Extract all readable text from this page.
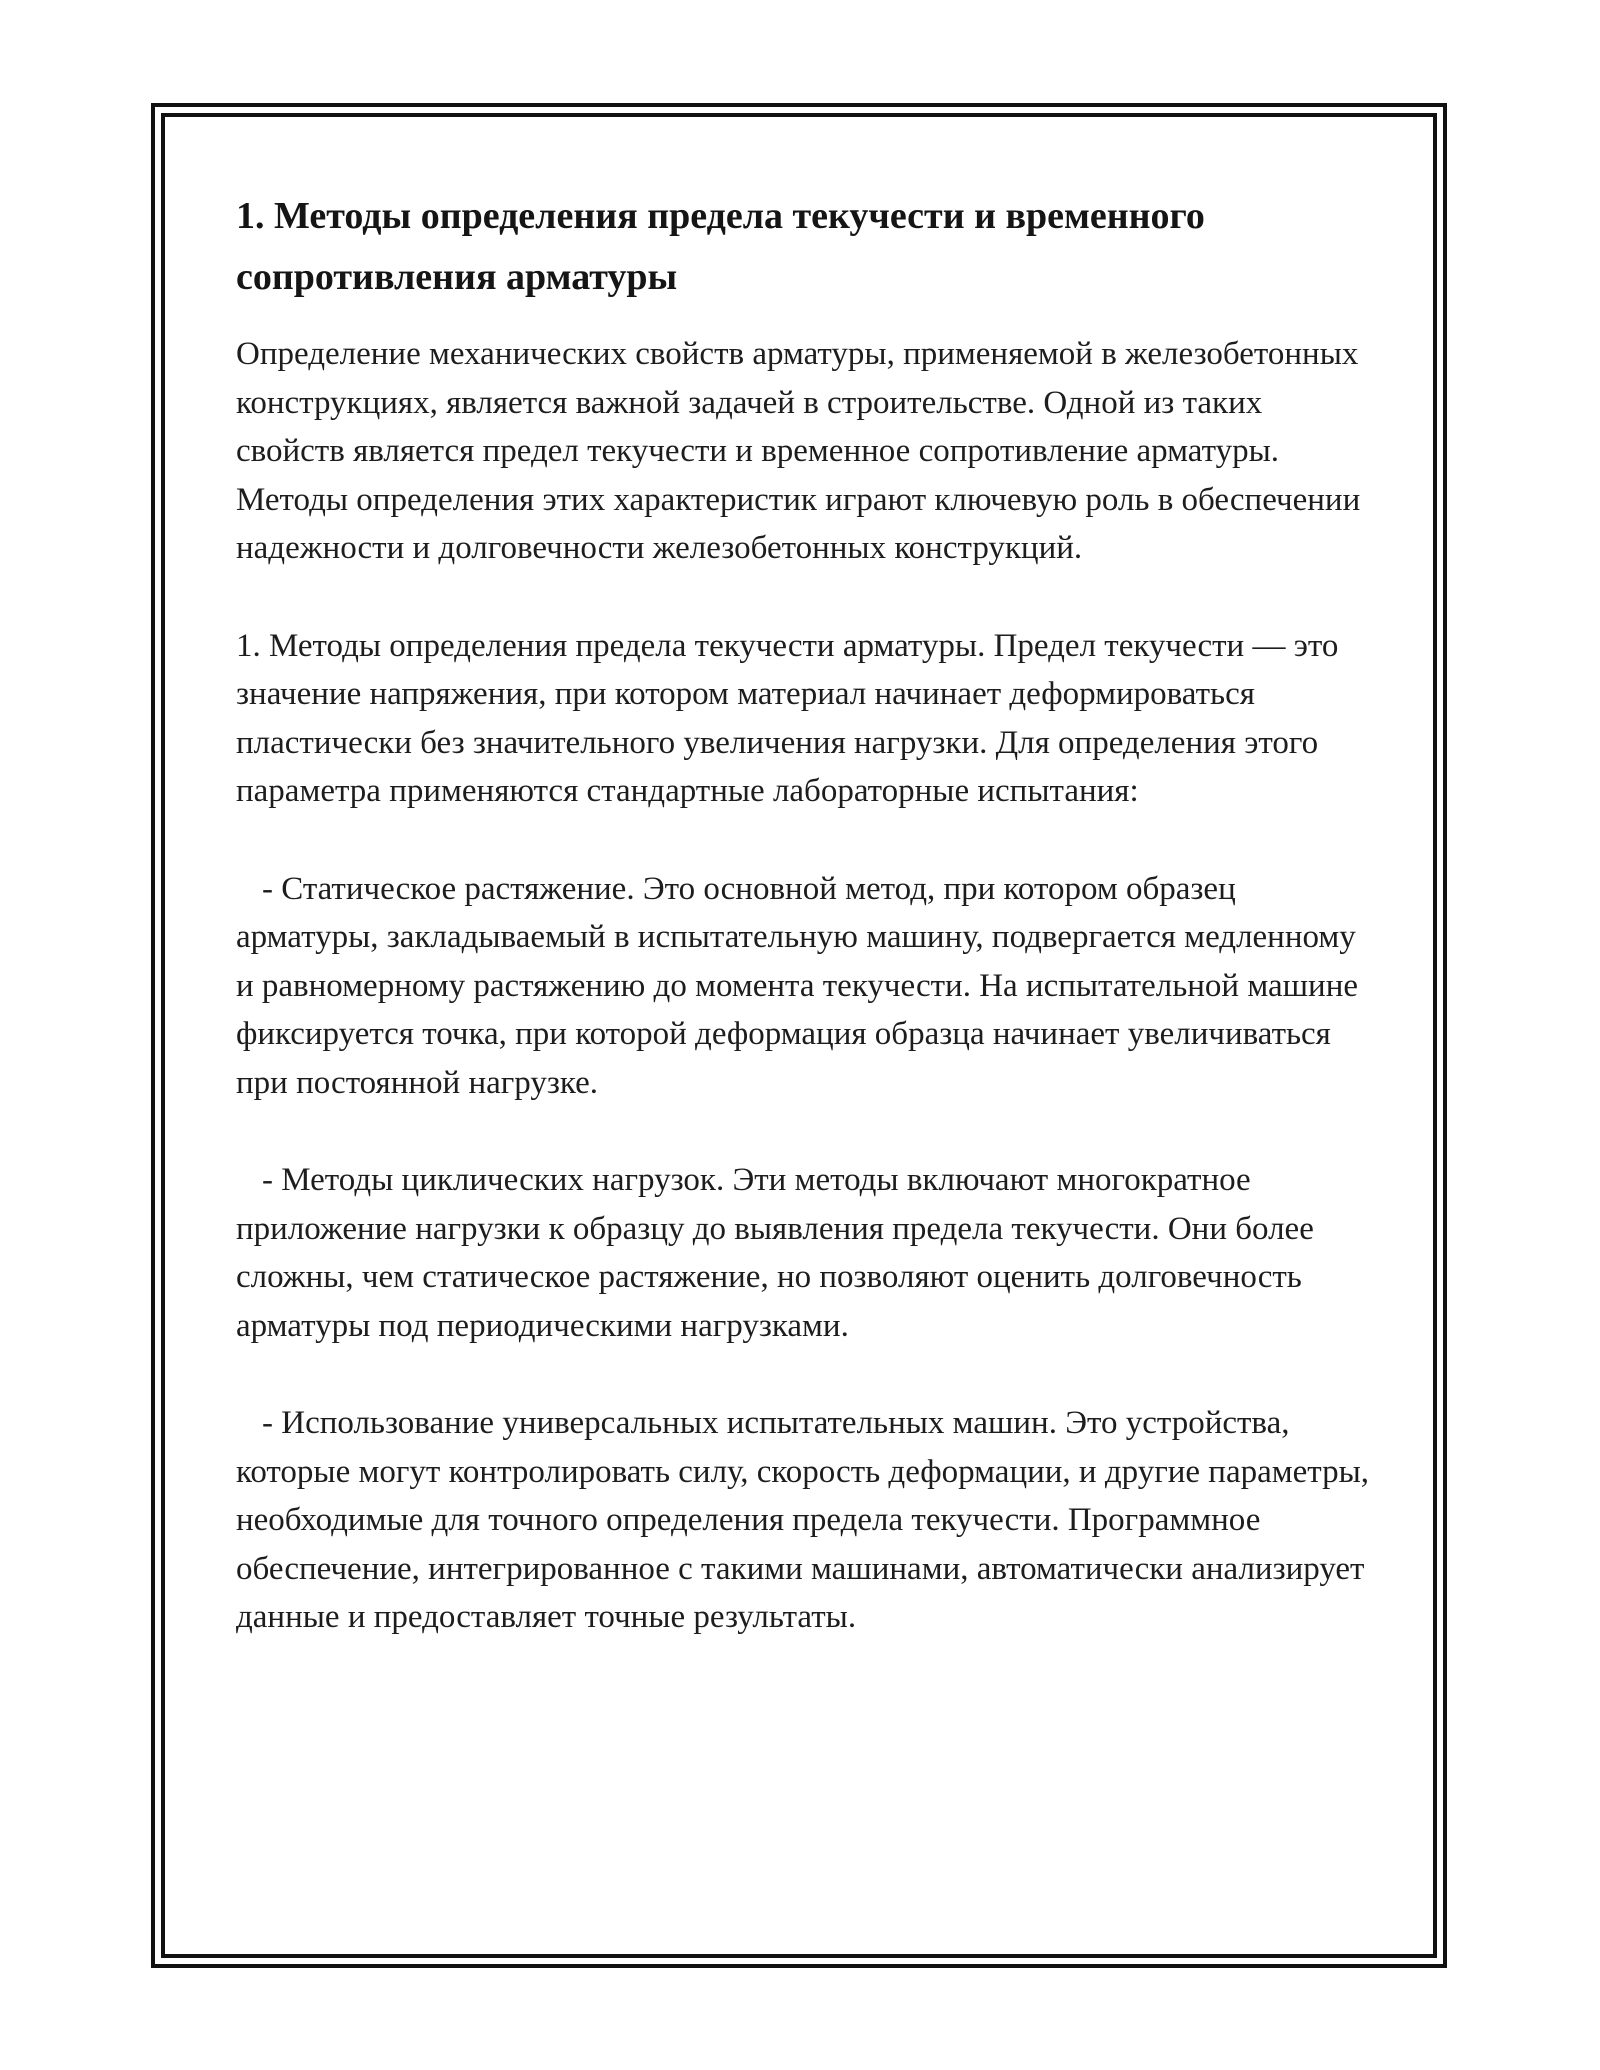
1. Методы определения предела текучести и временного сопротивления арматуры

Определение механических свойств арматуры, применяемой в железобетонных конструкциях, является важной задачей в строительстве. Одной из таких свойств является предел текучести и временное сопротивление арматуры. Методы определения этих характеристик играют ключевую роль в обеспечении надежности и долговечности железобетонных конструкций.

1. Методы определения предела текучести арматуры. Предел текучести — это значение напряжения, при котором материал начинает деформироваться пластически без значительного увеличения нагрузки. Для определения этого параметра применяются стандартные лабораторные испытания:

- Статическое растяжение. Это основной метод, при котором образец арматуры, закладываемый в испытательную машину, подвергается медленному и равномерному растяжению до момента текучести. На испытательной машине фиксируется точка, при которой деформация образца начинает увеличиваться при постоянной нагрузке.

- Методы циклических нагрузок. Эти методы включают многократное приложение нагрузки к образцу до выявления предела текучести. Они более сложны, чем статическое растяжение, но позволяют оценить долговечность арматуры под периодическими нагрузками.

- Использование универсальных испытательных машин. Это устройства, которые могут контролировать силу, скорость деформации, и другие параметры, необходимые для точного определения предела текучести. Программное обеспечение, интегрированное с такими машинами, автоматически анализирует данные и предоставляет точные результаты.
